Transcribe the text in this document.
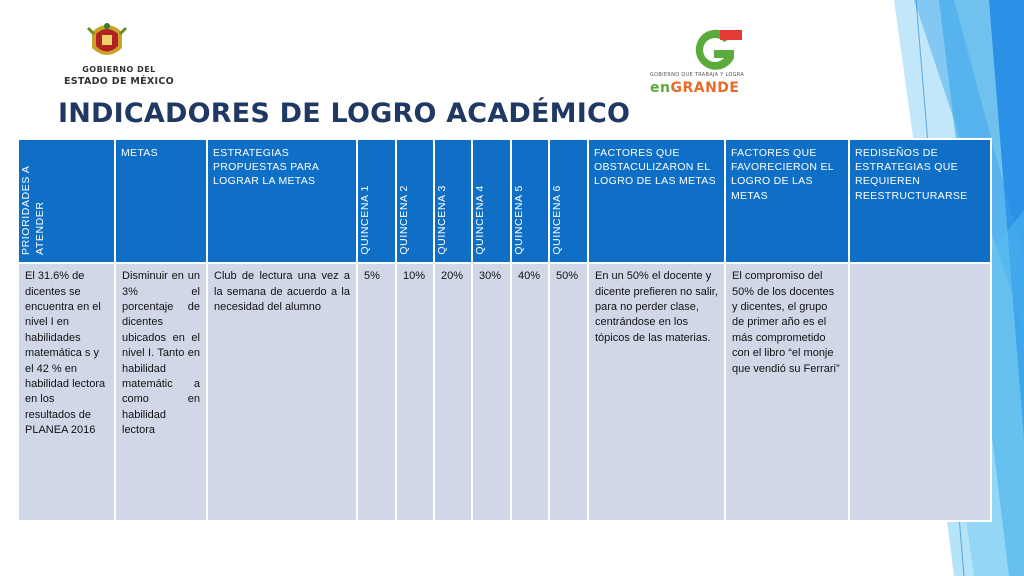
GOBIERNO DEL
ESTADO DE MÉXICO
GOBIERNO QUE TRABAJA Y LOGRA
enGRANDE
INDICADORES DE LOGRO ACADÉMICO
PRIORIDADES A ATENDER	METAS	ESTRATEGIAS PROPUESTAS PARA LOGRAR LA METAS	QUINCENA 1	QUINCENA 2	QUINCENA 3	QUINCENA 4	QUINCENA 5	QUINCENA 6	FACTORES QUE OBSTACULIZARON EL LOGRO DE LAS METAS	FACTORES QUE FAVORECIERON EL LOGRO DE LAS METAS	REDISEÑOS DE ESTRATEGIAS QUE REQUIEREN REESTRUCTURARSE
El 31.6% de dicentes se encuentra en el nivel I en habilidades matemática s y el 42 % en habilidad lectora en los resultados de PLANEA 2016	Disminuir en un 3% el porcentaje de dicentes ubicados en el nivel I. Tanto en habilidad matemátic a como en habilidad lectora	Club de lectura una vez a la semana de acuerdo a la necesidad del alumno	5%	10%	20%	30%	40%	50%	En un 50% el docente y dicente prefieren no salir, para no perder clase, centrándose en los tópicos de las materias.	El compromiso del 50% de los docentes y dicentes, el grupo de primer año es el más comprometido con el libro “el monje que vendió su Ferrari”	
